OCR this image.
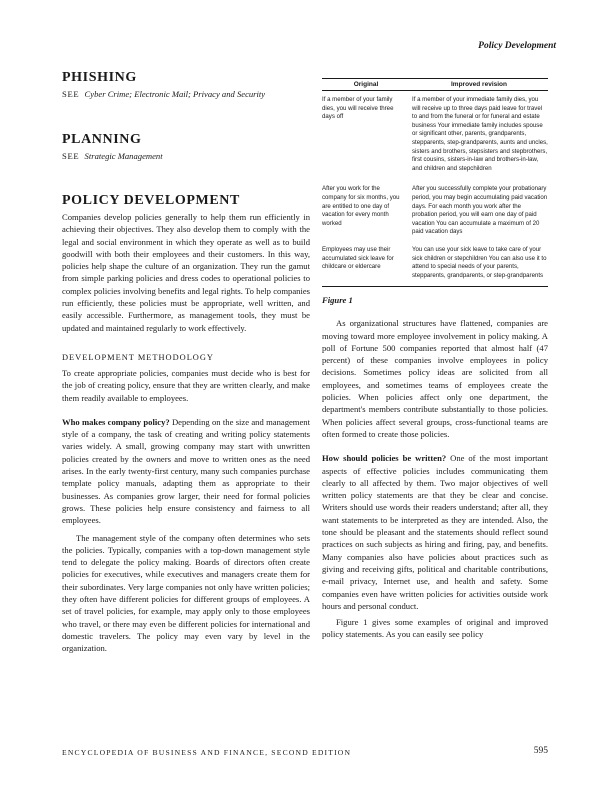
Policy Development
PHISHING
SEE Cyber Crime; Electronic Mail; Privacy and Security
PLANNING
SEE Strategic Management
POLICY DEVELOPMENT

Companies develop policies generally to help them run efficiently in achieving their objectives. They also develop them to comply with the legal and social environment in which they operate as well as to build goodwill with both their employees and their customers. In this way, policies help shape the culture of an organization. They run the gamut from simple parking policies and dress codes to operational policies to complex policies involving benefits and legal rights. To help companies run efficiently, these policies must be appropriate, well written, and easily accessible. Furthermore, as management tools, they must be updated and maintained regularly to work effectively.

DEVELOPMENT METHODOLOGY

To create appropriate policies, companies must decide who is best for the job of creating policy, ensure that they are written clearly, and make them readily available to employees.

Who makes company policy? Depending on the size and management style of a company, the task of creating and writing policy statements varies widely. A small, growing company may start with unwritten policies created by the owners and move to written ones as the need arises. In the early twenty-first century, many such companies purchase template policy manuals, adapting them as appropriate to their businesses. As companies grow larger, their need for formal policies grows. These policies help ensure consistency and fairness to all employees.

The management style of the company often determines who sets the policies. Typically, companies with a top-down management style tend to delegate the policy making. Boards of directors often create policies for executives, while executives and managers create them for their subordinates. Very large companies not only have written policies; they often have different policies for different groups of employees. A set of travel policies, for example, may apply only to those employees who travel, or there may even be different policies for international and domestic travelers. The policy may even vary by level in the organization.

Original	Improved revision
If a member of your family dies, you will receive three days off
If a member of your immediate family dies, you will receive up to three days paid leave for travel to and from the funeral or for funeral and estate business Your immediate family includes spouse or significant other, parents, grandparents, stepparents, step-grandparents, aunts and uncles, sisters and brothers, stepsisters and stepbrothers, first cousins, sisters-in-law and brothers-in-law, and children and stepchildren
After you work for the company for six months, you are entitled to one day of vacation for every month worked
After you successfully complete your probationary period, you may begin accumulating paid vacation days. For each month you work after the probation period, you will earn one day of paid vacation You can accumulate a maximum of 20 paid vacation days
Employees may use their accumulated sick leave for childcare or eldercare
You can use your sick leave to take care of your sick children or stepchildren You can also use it to attend to special needs of your parents, stepparents, grandparents, or step-grandparents
Figure 1

As organizational structures have flattened, companies are moving toward more employee involvement in policy making. A poll of Fortune 500 companies reported that almost half (47 percent) of these companies involve employees in policy decisions. Sometimes policy ideas are solicited from all employees, and sometimes teams of employees create the policies. When policies affect only one department, the department's members contribute substantially to those policies. When policies affect several groups, cross-functional teams are often formed to create those policies.

How should policies be written? One of the most important aspects of effective policies includes communicating them clearly to all affected by them. Two major objectives of well written policy statements are that they be clear and concise. Writers should use words their readers understand; after all, they want statements to be interpreted as they are intended. Also, the tone should be pleasant and the statements should reflect sound practices on such subjects as hiring and firing, pay, and benefits. Many companies also have policies about practices such as giving and receiving gifts, political and charitable contributions, e-mail privacy, Internet use, and health and safety. Some companies even have written policies for activities outside work hours and personal conduct.

Figure 1 gives some examples of original and improved policy statements. As you can easily see policy

ENCYCLOPEDIA OF BUSINESS AND FINANCE, SECOND EDITION	595
